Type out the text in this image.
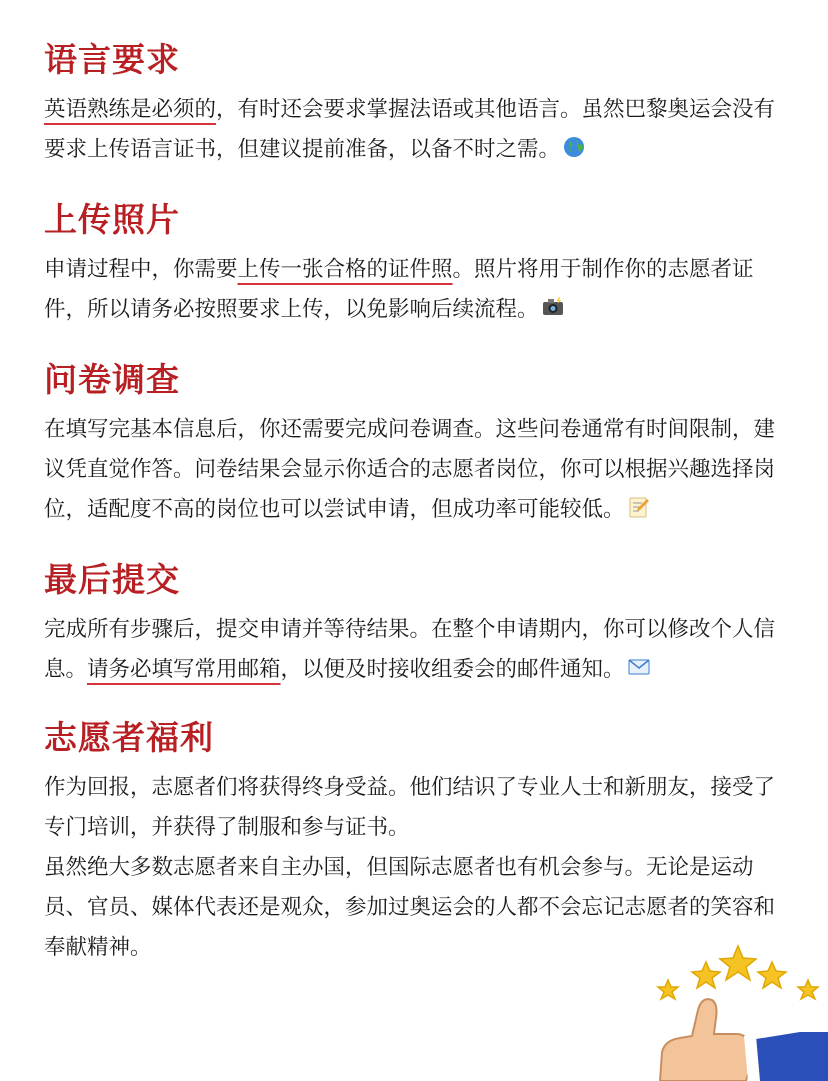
语言要求

英语熟练是必须的，有时还会要求掌握法语或其他语言。虽然巴黎奥运会没有要求上传语言证书，但建议提前准备，以备不时之需。

上传照片

申请过程中，你需要上传一张合格的证件照。照片将用于制作你的志愿者证件，所以请务必按照要求上传，以免影响后续流程。

问卷调查

在填写完基本信息后，你还需要完成问卷调查。这些问卷通常有时间限制，建议凭直觉作答。问卷结果会显示你适合的志愿者岗位，你可以根据兴趣选择岗位，适配度不高的岗位也可以尝试申请，但成功率可能较低。

最后提交

完成所有步骤后，提交申请并等待结果。在整个申请期内，你可以修改个人信息。请务必填写常用邮箱，以便及时接收组委会的邮件通知。

志愿者福利

作为回报，志愿者们将获得终身受益。他们结识了专业人士和新朋友，接受了专门培训，并获得了制服和参与证书。

虽然绝大多数志愿者来自主办国，但国际志愿者也有机会参与。无论是运动员、官员、媒体代表还是观众，参加过奥运会的人都不会忘记志愿者的笑容和奉献精神。
